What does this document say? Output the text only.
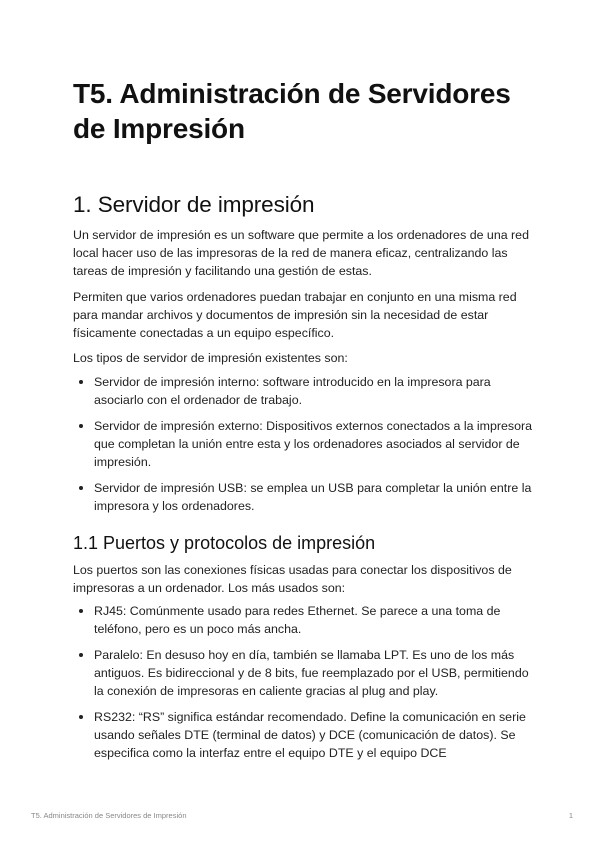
T5. Administración de Servidores de Impresión
1. Servidor de impresión

Un servidor de impresión es un software que permite a los ordenadores de una red local hacer uso de las impresoras de la red de manera eficaz, centralizando las tareas de impresión y facilitando una gestión de estas.

Permiten que varios ordenadores puedan trabajar en conjunto en una misma red para mandar archivos y documentos de impresión sin la necesidad de estar físicamente conectadas a un equipo específico.

Los tipos de servidor de impresión existentes son:

Servidor de impresión interno: software introducido en la impresora para asociarlo con el ordenador de trabajo.
Servidor de impresión externo: Dispositivos externos conectados a la impresora que completan la unión entre esta y los ordenadores asociados al servidor de impresión.
Servidor de impresión USB: se emplea un USB para completar la unión entre la impresora y los ordenadores.
1.1 Puertos y protocolos de impresión

Los puertos son las conexiones físicas usadas para conectar los dispositivos de impresoras a un ordenador. Los más usados son:

RJ45: Comúnmente usado para redes Ethernet. Se parece a una toma de teléfono, pero es un poco más ancha.
Paralelo: En desuso hoy en día, también se llamaba LPT. Es uno de los más antiguos. Es bidireccional y de 8 bits, fue reemplazado por el USB, permitiendo la conexión de impresoras en caliente gracias al plug and play.
RS232: “RS” significa estándar recomendado. Define la comunicación en serie usando señales DTE (terminal de datos) y DCE (comunicación de datos). Se especifica como la interfaz entre el equipo DTE y el equipo DCE
T5. Administración de Servidores de Impresión	1
